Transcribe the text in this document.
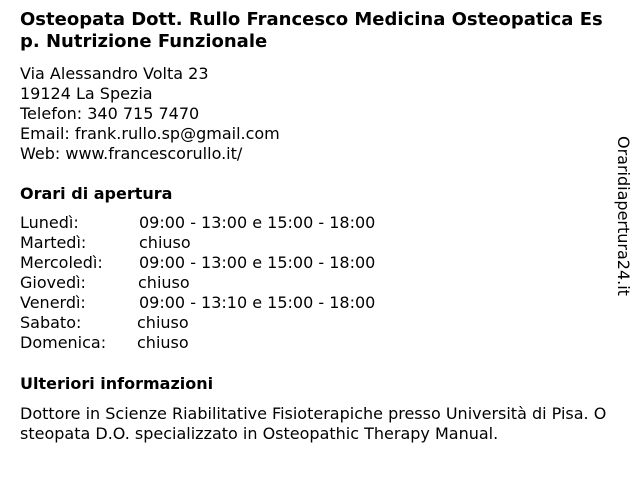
Osteopata Dott. Rullo Francesco Medicina Osteopatica Esp. Nutrizione Funzionale
Via Alessandro Volta 23
19124 La Spezia
Telefon: 340 715 7470
Email: frank.rullo.sp@gmail.com
Web: www.francescorullo.it/
Orari di apertura
Lunedì:	09:00 - 13:00 e 15:00 - 18:00
Martedì:	chiuso
Mercoledì: 09:00 - 13:00 e 15:00 - 18:00
Giovedì:	chiuso
Venerdì:	09:00 - 13:10 e 15:00 - 18:00
Sabato:	chiuso
Domenica: chiuso
Ulteriori informazioni
Dottore in Scienze Riabilitative Fisioterapiche presso Università di Pisa. Osteopata D.O. specializzato in Osteopathic Therapy Manual.
Oraridiapertura24.it
